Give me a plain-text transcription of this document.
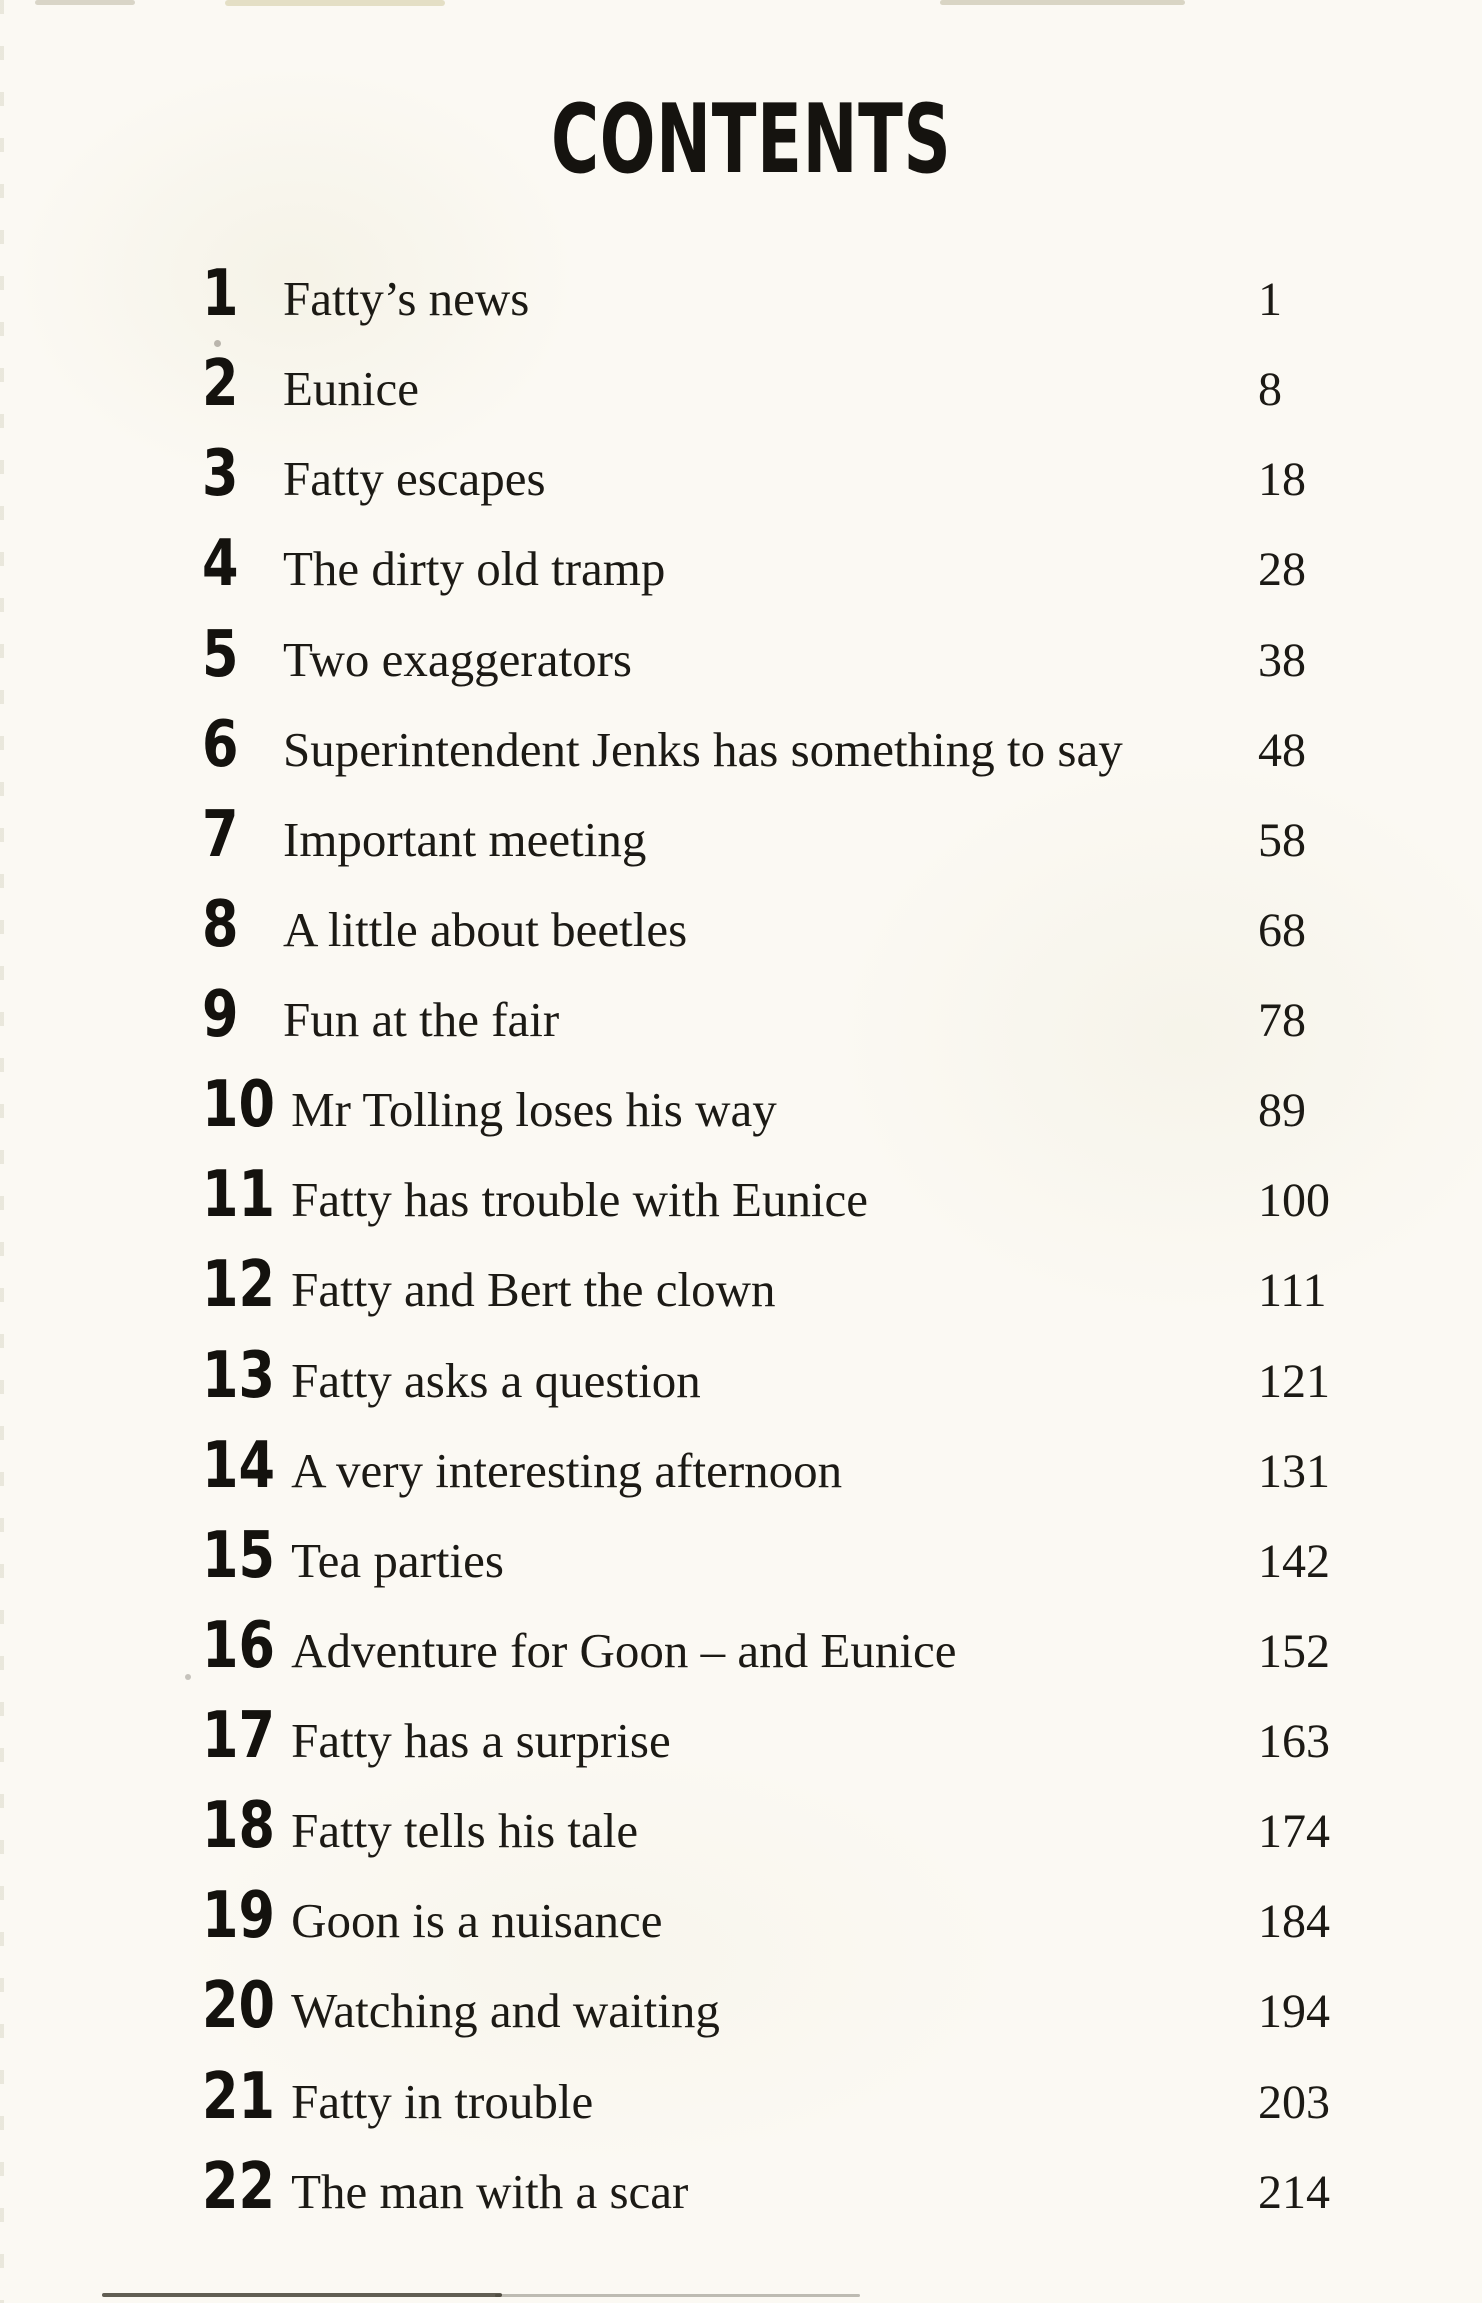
CONTENTS
1 Fatty’s news	1
2 Eunice	8
3 Fatty escapes	18
4 The dirty old tramp	28
5 Two exaggerators	38
6 Superintendent Jenks has something to say	48
7 Important meeting	58
8 A little about beetles	68
9 Fun at the fair	78
10 Mr Tolling loses his way	89
11 Fatty has trouble with Eunice	100
12 Fatty and Bert the clown	111
13 Fatty asks a question	121
14 A very interesting afternoon	131
15 Tea parties	142
16 Adventure for Goon – and Eunice	152
17 Fatty has a surprise	163
18 Fatty tells his tale	174
19 Goon is a nuisance	184
20 Watching and waiting	194
21 Fatty in trouble	203
22 The man with a scar	214
